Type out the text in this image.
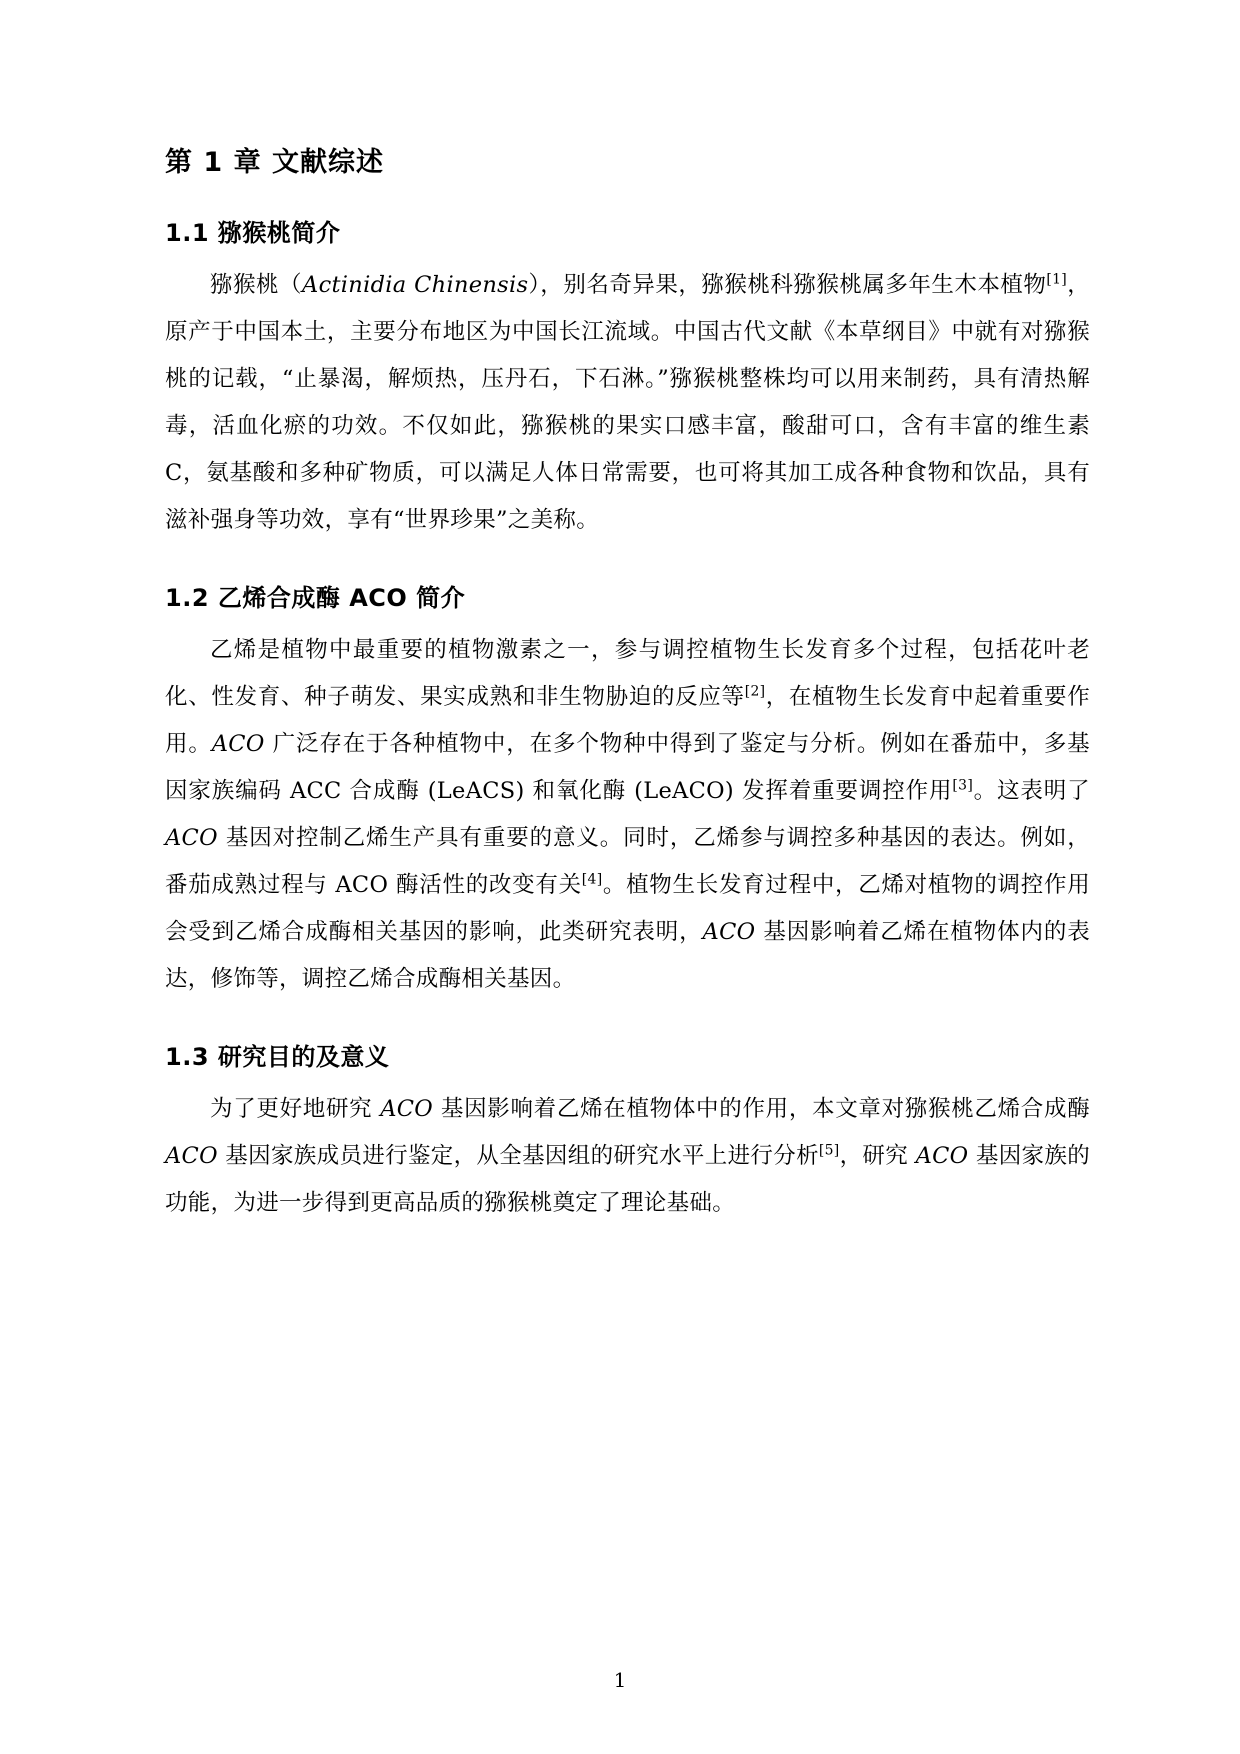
第 1 章 文献综述
1.1 猕猴桃简介

猕猴桃（Actinidia Chinensis），别名奇异果，猕猴桃科猕猴桃属多年生木本植物[1]，原产于中国本土，主要分布地区为中国长江流域。中国古代文献《本草纲目》中就有对猕猴桃的记载，“止暴渴，解烦热，压丹石，下石淋。”猕猴桃整株均可以用来制药，具有清热解毒，活血化瘀的功效。不仅如此，猕猴桃的果实口感丰富，酸甜可口，含有丰富的维生素 C，氨基酸和多种矿物质，可以满足人体日常需要，也可将其加工成各种食物和饮品，具有滋补强身等功效，享有“世界珍果”之美称。

1.2 乙烯合成酶 ACO 简介

乙烯是植物中最重要的植物激素之一，参与调控植物生长发育多个过程，包括花叶老化、性发育、种子萌发、果实成熟和非生物胁迫的反应等[2]，在植物生长发育中起着重要作用。ACO 广泛存在于各种植物中，在多个物种中得到了鉴定与分析。例如在番茄中，多基因家族编码 ACC 合成酶 (LeACS) 和氧化酶 (LeACO) 发挥着重要调控作用[3]。这表明了 ACO 基因对控制乙烯生产具有重要的意义。同时，乙烯参与调控多种基因的表达。例如，番茄成熟过程与 ACO 酶活性的改变有关[4]。植物生长发育过程中，乙烯对植物的调控作用会受到乙烯合成酶相关基因的影响，此类研究表明，ACO 基因影响着乙烯在植物体内的表达，修饰等，调控乙烯合成酶相关基因。

1.3 研究目的及意义

为了更好地研究 ACO 基因影响着乙烯在植物体中的作用，本文章对猕猴桃乙烯合成酶 ACO 基因家族成员进行鉴定，从全基因组的研究水平上进行分析[5]，研究 ACO 基因家族的功能，为进一步得到更高品质的猕猴桃奠定了理论基础。

1
